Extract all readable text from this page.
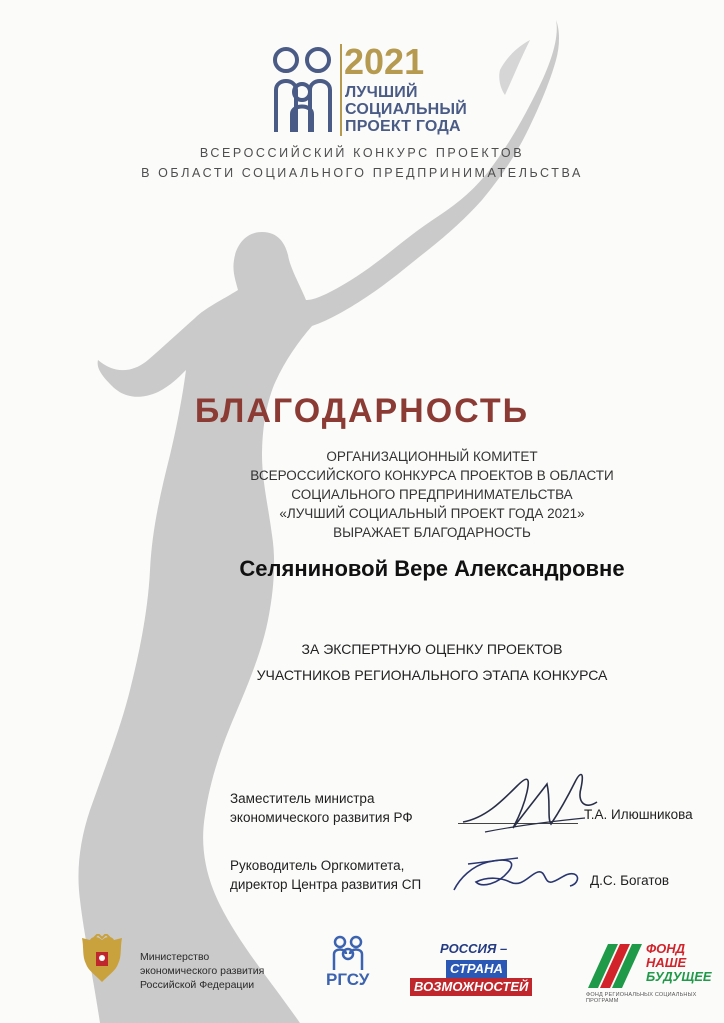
2021
ЛУЧШИЙ
СОЦИАЛЬНЫЙ
ПРОЕКТ ГОДА
ВСЕРОССИЙСКИЙ КОНКУРС ПРОЕКТОВ
В ОБЛАСТИ СОЦИАЛЬНОГО ПРЕДПРИНИМАТЕЛЬСТВА
БЛАГОДАРНОСТЬ
ОРГАНИЗАЦИОННЫЙ КОМИТЕТ
ВСЕРОССИЙСКОГО КОНКУРСА ПРОЕКТОВ В ОБЛАСТИ
СОЦИАЛЬНОГО ПРЕДПРИНИМАТЕЛЬСТВА
«ЛУЧШИЙ СОЦИАЛЬНЫЙ ПРОЕКТ ГОДА 2021»
ВЫРАЖАЕТ БЛАГОДАРНОСТЬ
Селяниновой Вере Александровне
ЗА ЭКСПЕРТНУЮ ОЦЕНКУ ПРОЕКТОВ
УЧАСТНИКОВ РЕГИОНАЛЬНОГО ЭТАПА КОНКУРСА
Заместитель министра
экономического развития РФ	Т.А. Илюшникова
Руководитель Оргкомитета,
директор Центра развития СП	Д.С. Богатов
Министерство
экономического развития
Российской Федерации	РГСУ
РОССИЯ –
СТРАНА
ВОЗМОЖНОСТЕЙ
ФОНД
НАШЕ
БУДУЩЕЕ
ФОНД РЕГИОНАЛЬНЫХ СОЦИАЛЬНЫХ ПРОГРАММ
